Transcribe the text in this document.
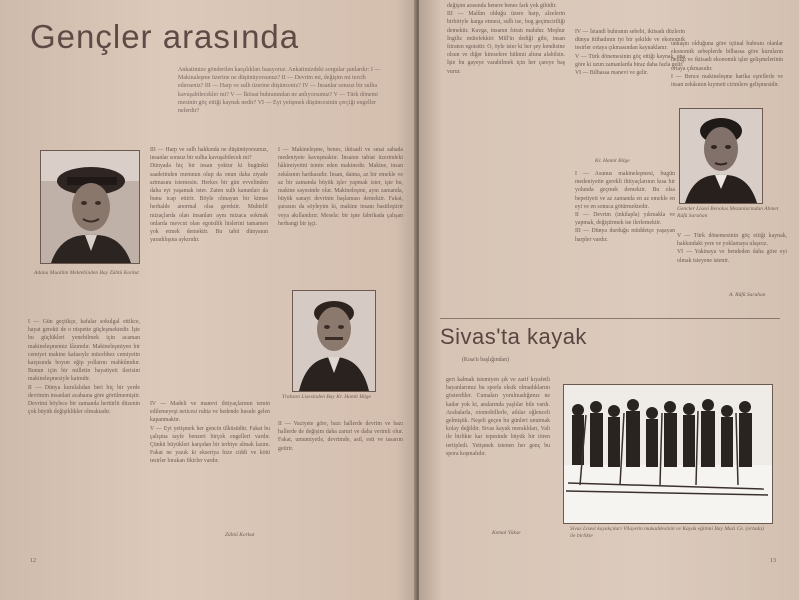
Gençler arasında
Ankatimize gönderilen karşılıkları basıyoruz. Ankatimizdeki sorgular şunlardır: I — Makinaleşme üzerine ne düşünüyorsunuz? II — Devrim mi, değişim mi tercih ederseniz? III — Harp ve sulh üzerine düşünceniz? IV — İnsanlar sonsuz bir sulha kavuşabilecekler mi? V — İktisat buhranından ne anlıyorsunuz? V — Türk dönemi mesinin göç ettiği kaynak nedir? VI — Eyi yetişmek düşüncesinin çerçiği engeller nelerdir?
Adana Muallim Mektebinden Bay Zühtü Korkut
III — Harp ve sulh hakkında ne düşünüyorsunuz, insanlar sonsuz bir sulha kavuşabilecek mi?
Dünyada hiç bir insan yoktur ki bugünkü saadetinden memnun olup da onun daha ziyade artmasını istemesin. Herkes bir gün evvelinden daha eyi yaşamak ister. Zaten sulh kanunları da bunu icap ettirir. Böyle olmayan bir kimse herhalde anormal olsa gerektir. Muhtelif mizaçlarda olan insanları aynı mizaca sokmak onlarda mevcut olan egoistlik hislerini tamamen yok etmek demektir. Bu tabii dünyanın yaradılışına aykırıdır.
I — Makineleşme, benes, iktisadi ve sınai sahada medeniyete kavuşmaktır. İnsanın tabiat üzerindeki hâkimiyetini temin eden makinedir. Makine, insan zekâsının harikasıdır. İnsan, daima, az bir emekle ve az bir zamanda büyük işler yapmak ister, işte bu, makine sayesinde olur. Makineleşme, aynı zamanda, büyük sanayi devrinin başlaması demektir. Fakat, şurasını da söyleyim ki, makine insanı basitleştirir veya akıllandırır. Mesela: bir işne fabrikada çalışan herhangi bir işçi.
Trabzon Lisesinden Bay Kr. Hamit Bilge
I — Gün geçtikçe, kafalar sokulgal ettikce, hayat gerekti de o nispette güçleşmektedir. İşte bu güçlükleri yenebilmek için acaman makineleşmemiz lâzımdır. Makineleşmiyen bir cemiyet makine kafasıyle mücehhez cemiyetin karşısında boyun eğip yollarını mahkûmdur. Bunun için bir milletin hayatiyeti ilerisini makineleşmesiyle kaimdir.
II — Dünya kurulalıdan beri hiç bir yerde devrimin insanlari acabaına göre görülmemiştir. Devrimi böylece bir zamanda hertürlü düzenin çok büyük değişiklikler olmaktadır.
IV — Madeli ve manevi ihtiyaçlarının temin edilemeyeşi neticesi ruhta ve bedende husule gelen kapanmaktır.
V — Eyi yetişmek her gencin ülküsüdür. Fakat bu çalışma tayfe benzeri birçok engelleri vardır. Çünkü büyükleri karşıdan bir terbiye almak lazım. Fakat ne yazık ki ekseriya bize ciddi ve kötü tesirler bırakan fikirler vardır.
II — Vaziyete göre, bazı hallerde devrim ve bazı hallerde de değişim daha zaruri ve daha verimli olur. Fakat, umumiyetle, devrimde, asil, esti ve tasarım getirir.
Zühtü Korkut
12
değişim arasında benere benes fark yok gibidir.
III — Malûm olduğu üzere harp, alzelerin birbiriyle karga etmesi, sulh ise, bog geçimciriliği demektir. Kavga, insanın fıtratı mahdur. Meşhur İngiliz mütefekkiri Mill'in dediği gibi, insan fıtraten egoisttir. O, öyle ister ki her şey kendisine olsun ve diğer kimselere hükmü altına alabilsin. İşte bu gayeye varabilmek için her çareye baş vurur.
IV — İstandi buhranın sebebi, iktisadı düzlerin dünya ittihadının iyi bir şekilde ve ekonomik tesirler ortaya çıkmasından kaynaklanır.
V — Türk dönemesinin göç ettiği kaynak, ona göre ki uzun zamanlarda biraz daha fazla gelir.
VI — Bilhassa manevi ve gelir.
Kr. Hamit Bilge
unkaşnı olduğuna göre içtinal bubranı olanlar ekonomik sebeplerde bilhassa göre kuruların netliği ve iktisadi ekonomik işler gelişmelerinin ortaya çıkmasıdır.
I — Bence makineleşme harika eşreflerle ve insan zekâsının kıymeti cirimlere gelişmesidir.
Gencler Lisesi Benolus Mezunlarından Ahmet Rüfû Saruhan
I — Asunus makineleşmesi, bugün medeniyetin gerekli ihtiyaçlarının kısa bir yolunda geçmek demektir. Bu olsa bepetiyeti ve az zamanda en az emekle en eyi ve en sonuca götürmektedir.
II — Devrim (inkilapla) yıkmakla ve yapmak, değiştirmek ise ilerlemektir.
III — Dünya durduğu müddetçe yaşayan harpler vardır.
V — Türk dönemesinin göç ettiği kaynak, hakkındaki yere ve yoklamaya ulaşırız.
VI — Yakinaya ve bendeden daha göre eyi olmak isteyene istenir.
A. Rüfû Saruhan
Sivas'ta kayak
(Kısa'tı başlığından)
geri kalmak istemiyen şık ve zarif kıyafetli bayanlarımız bu sporla eksik olmadıklarını gösterdiler. Cumaları yorulmadığımız ne kadar yok ki, aralarında yaşlılar bile vardı. Arabalarla, otomobillerle, atlılar eğlenceli gelmiştik. Neşeli geçen bu günleri unutmak kolay değildir. Sivas kayak meraklıları, Vali ile birlikte kar tepesinde büyük bir tören tertipledi. Yetişmek istenen her genç bu spora koşmalıdır.
Kemal Yükse
Sivas Lisesi kayakçıları Vilayetin mukaddesinin ve Kayak eğitimi Bay Muzi Ce. (ortada) ile birlikte
13
